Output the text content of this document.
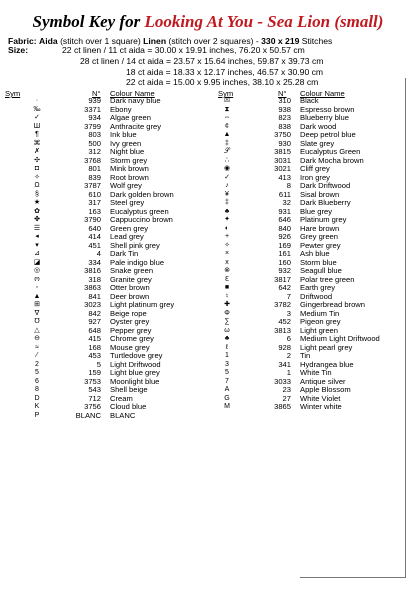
Symbol Key for Looking At You - Sea Lion (small)
Fabric: Aida (stitch over 1 square) Linen (stitch over 2 squares) - 330 x 219 Stitches
Size:	22 ct linen / 11 ct aida = 30.00 x 19.91 inches, 76.20 x 50.57 cm
28 ct linen / 14 ct aida = 23.57 x 15.64 inches, 59.87 x 39.73 cm
18 ct aida = 18.33 x 12.17 inches, 46.57 x 30.90 cm
22 ct aida = 15.00 x 9.95 inches, 38.10 x 25.28 cm
Sym	N° Colour Name	Sym	N° Colour Name
·	939 Dark navy blue
‰	3371 Ebony
✓	934 Algae green
Ш	3799 Anthracite grey
¶	803 Ink blue
⌘	500 Ivy green
✗	312 Night blue
✣	3768 Storm grey
◘	801 Mink brown
✧	839 Root brown
Ω	3787 Wolf grey
§	610 Dark golden brown
★	317 Steel grey
✿	163 Eucalyptus green
✤	3790 Cappuccino brown
☰	640 Green grey
◂	414 Lead grey
▾	451 Shell pink grey
⊿	4 Dark Tin
◪	334 Pale indigo blue
◎	3816 Snake green
ო	318 Granite grey
◦	3863 Otter brown
▲	841 Deer brown
⊞	3023 Light platinum grey
∇	842 Beige rope
℧	927 Oyster grey
△	648 Pepper grey
⊖	415 Chrome grey
≈	168 Mouse grey
⁄	453 Turtledove grey
2	5 Light Driftwood
5	159 Light blue grey
6	3753 Moonlight blue
8	543 Shell beige
D	712 Cream
K	3756 Cloud blue
P	BLANC BLANC
☒	310 Black
⧗	938 Espresso brown
⇔	823 Blueberry blue
¢	838 Dark wood
▲	3750 Deep petrol blue
‡	930 Slate grey
𝒮	3815 Eucalyptus Green
∴	3031 Dark Mocha brown
◉	3021 Cliff grey
✓	413 Iron grey
♪	8 Dark Driftwood
¥	611 Sisal brown
‡	32 Dark Blueberry
♣	931 Blue grey
✦	646 Platinum grey
◐	840 Hare brown
+	926 Grey green
✧	169 Pewter grey
×	161 Ash blue
x	160 Storm blue
⊗	932 Seagull blue
ℇ	3817 Polar tree green
■	642 Earth grey
♮	7 Driftwood
✚	3782 Gingerbread brown
Φ	3 Medium Tin
∑	452 Pigeon grey
ω	3813 Light green
♣	6 Medium Light Driftwood
ℓ	928 Light pearl grey
1	2 Tin
3	341 Hydrangea blue
5	1 White Tin
7	3033 Antique silver
A	23 Apple Blossom
G	27 White Violet
M	3865 Winter white
